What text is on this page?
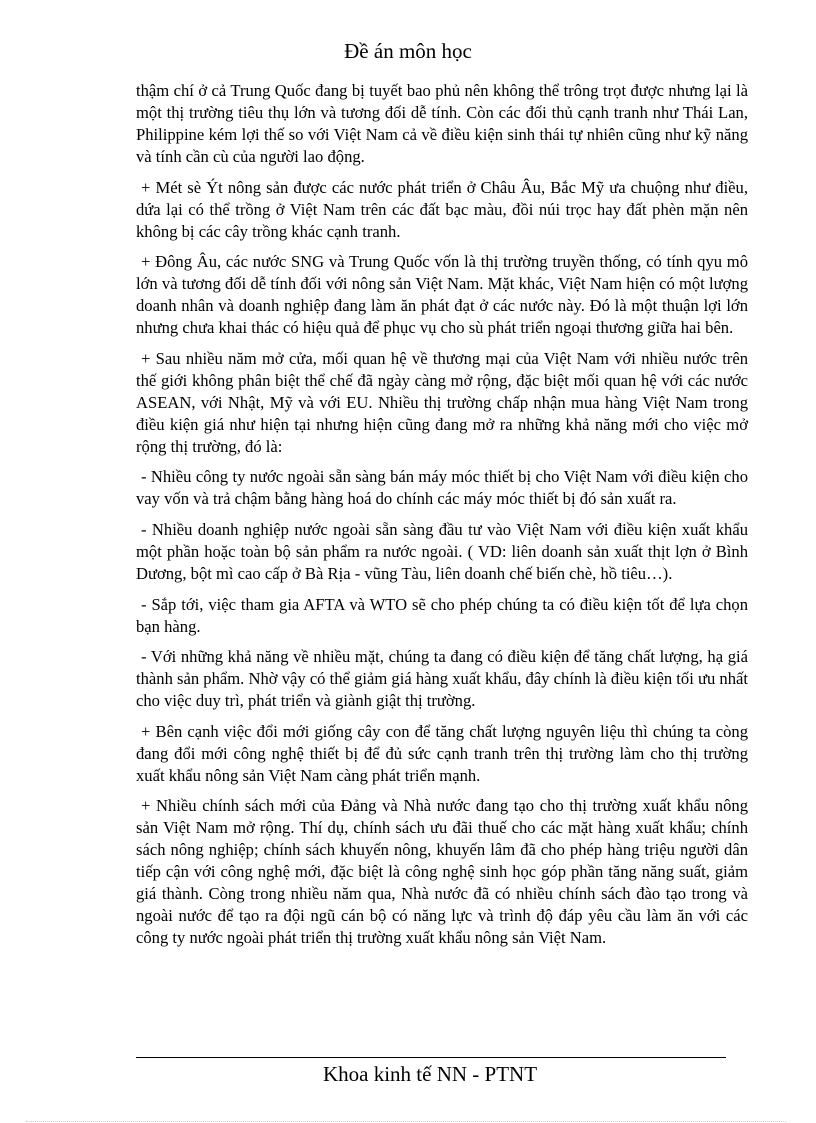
Đề án môn học

thậm chí ở cả Trung Quốc đang bị tuyết bao phủ nên không thể trông trọt được nhưng lại là một thị trường tiêu thụ lớn và tương đối dễ tính. Còn các đối thủ cạnh tranh như Thái Lan, Philippine kém lợi thế so với Việt Nam cả về điều kiện sinh thái tự nhiên cũng như kỹ năng và tính cần cù của người lao động.

+ Mét sè Ýt nông sản được các nước phát triển ở Châu Âu, Bắc Mỹ ưa chuộng như điều, dứa lại có thể trồng ở Việt Nam trên các đất bạc màu, đồi núi trọc hay đất phèn mặn nên không bị các cây trồng khác cạnh tranh.

+ Đông Âu, các nước SNG và Trung Quốc vốn là thị trường truyền thống, có tính qyu mô lớn và tương đối dễ tính đối với nông sản Việt Nam. Mặt khác, Việt Nam hiện có một lượng doanh nhân và doanh nghiệp đang làm ăn phát đạt ở các nước này. Đó là một thuận lợi lớn nhưng chưa khai thác có hiệu quả để phục vụ cho sù phát triển ngoại thương giữa hai bên.

+ Sau nhiều năm mở cửa, mối quan hệ về thương mại của Việt Nam với nhiều nước trên thế giới không phân biệt thể chế đã ngày càng mở rộng, đặc biệt mối quan hệ với các nước ASEAN, với Nhật, Mỹ và với EU. Nhiều thị trường chấp nhận mua hàng Việt Nam trong điều kiện giá như hiện tại nhưng hiện cũng đang mở ra những khả năng mới cho việc mở rộng thị trường, đó là:

- Nhiều công ty nước ngoài sẵn sàng bán máy móc thiết bị cho Việt Nam với điều kiện cho vay vốn và trả chậm bằng hàng hoá do chính các máy móc thiết bị đó sản xuất ra.

- Nhiều doanh nghiệp nước ngoài sẵn sàng đầu tư vào Việt Nam với điều kiện xuất khẩu một phần hoặc toàn bộ sản phẩm ra nước ngoài. ( VD: liên doanh sản xuất thịt lợn ở Bình Dương, bột mì cao cấp ở Bà Rịa - vũng Tàu, liên doanh chế biến chè, hồ tiêu…).

- Sắp tới, việc tham gia AFTA và WTO sẽ cho phép chúng ta có điều kiện tốt để lựa chọn bạn hàng.

- Với những khả năng về nhiều mặt, chúng ta đang có điều kiện để tăng chất lượng, hạ giá thành sản phẩm. Nhờ vậy có thể giảm giá hàng xuất khẩu, đây chính là điều kiện tối ưu nhất cho việc duy trì, phát triển và giành giật thị trường.

+ Bên cạnh việc đổi mới giống cây con để tăng chất lượng nguyên liệu thì chúng ta còng đang đổi mới công nghệ thiết bị để đủ sức cạnh tranh trên thị trường làm cho thị trường xuất khẩu nông sản Việt Nam càng phát triển mạnh.

+ Nhiều chính sách mới của Đảng và Nhà nước đang tạo cho thị trường xuất khẩu nông sản Việt Nam mở rộng. Thí dụ, chính sách ưu đãi thuế cho các mặt hàng xuất khẩu; chính sách nông nghiệp; chính sách khuyến nông, khuyến lâm đã cho phép hàng triệu người dân tiếp cận với công nghệ mới, đặc biệt là công nghệ sinh học góp phần tăng năng suất, giảm giá thành. Còng trong nhiều năm qua, Nhà nước đã có nhiều chính sách đào tạo trong và ngoài nước để tạo ra đội ngũ cán bộ có năng lực và trình độ đáp yêu cầu làm ăn với các công ty nước ngoài phát triển thị trường xuất khẩu nông sản Việt Nam.

Khoa kinh tế NN - PTNT
